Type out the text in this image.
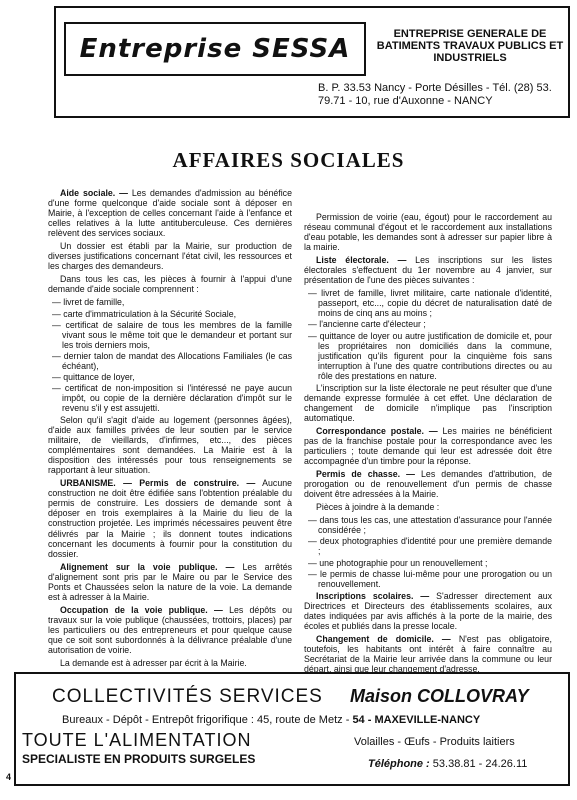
Entreprise SESSA	ENTREPRISE GENERALE DE BATIMENTS TRAVAUX PUBLICS ET INDUSTRIELS
B. P. 33.53 Nancy - Porte Désilles - Tél. (28) 53. 79.71 - 10, rue d'Auxonne - NANCY
AFFAIRES SOCIALES

Aide sociale. — Les demandes d'admission au bénéfice d'une forme quelconque d'aide sociale sont à déposer en Mairie, à l'exception de celles concernant l'aide à l'enfance et celles relatives à la lutte antituberculeuse. Ces dernières relèvent des services sociaux.

Un dossier est établi par la Mairie, sur production de diverses justifications concernant l'état civil, les ressources et les charges des demandeurs.

Dans tous les cas, les pièces à fournir à l'appui d'une demande d'aide sociale comprennent :

— livret de famille,
— carte d'immatriculation à la Sécurité Sociale,
— certificat de salaire de tous les membres de la famille vivant sous le même toit que le demandeur et portant sur les trois derniers mois,
— dernier talon de mandat des Allocations Familiales (le cas échéant),
— quittance de loyer,
— certificat de non-imposition si l'intéressé ne paye aucun impôt, ou copie de la dernière déclaration d'impôt sur le revenu s'il y est assujetti.

Selon qu'il s'agit d'aide au logement (personnes âgées), d'aide aux familles privées de leur soutien par le service militaire, de vieillards, d'infirmes, etc..., des pièces complémentaires sont demandées. La Mairie est à la disposition des intéressés pour tous renseignements se rapportant à leur situation.

URBANISME. — Permis de construire. — Aucune construction ne doit être édifiée sans l'obtention préalable du permis de construire. Les dossiers de demande sont à déposer en trois exemplaires à la Mairie du lieu de la construction projetée. Les imprimés nécessaires peuvent être délivrés par la Mairie ; ils donnent toutes indications concernant les documents à fournir pour la constitution du dossier.

Alignement sur la voie publique. — Les arrêtés d'alignement sont pris par le Maire ou par le Service des Ponts et Chaussées selon la nature de la voie. La demande est à adresser à la Mairie.

Occupation de la voie publique. — Les dépôts ou travaux sur la voie publique (chaussées, trottoirs, places) par les particuliers ou des entrepreneurs et pour quelque cause que ce soit sont subordonnés à la délivrance préalable d'une autorisation de voirie.

La demande est à adresser par écrit à la Mairie.

Permission de voirie (eau, égout) pour le raccordement au réseau communal d'égout et le raccordement aux installations d'eau potable, les demandes sont à adresser sur papier libre à la mairie.

Liste électorale. — Les inscriptions sur les listes électorales s'effectuent du 1er novembre au 4 janvier, sur présentation de l'une des pièces suivantes :

— livret de famille, livret militaire, carte nationale d'identité, passeport, etc..., copie du décret de naturalisation daté de moins de cinq ans au moins ;
— l'ancienne carte d'électeur ;
— quittance de loyer ou autre justification de domicile et, pour les propriétaires non domiciliés dans la commune, justification qu'ils figurent pour la cinquième fois sans interruption à l'une des quatre contributions directes ou au rôle des prestations en nature.

L'inscription sur la liste électorale ne peut résulter que d'une demande expresse formulée à cet effet. Une déclaration de changement de domicile n'implique pas l'inscription automatique.

Correspondance postale. — Les mairies ne bénéficient pas de la franchise postale pour la correspondance avec les particuliers ; toute demande qui leur est adressée doit être accompagnée d'un timbre pour la réponse.

Permis de chasse. — Les demandes d'attribution, de prorogation ou de renouvellement d'un permis de chasse doivent être adressées à la Mairie.

Pièces à joindre à la demande :

— dans tous les cas, une attestation d'assurance pour l'année considérée ;
— deux photographies d'identité pour une première demande ;
— une photographie pour un renouvellement ;
— le permis de chasse lui-même pour une prorogation ou un renouvellement.

Inscriptions scolaires. — S'adresser directement aux Directrices et Directeurs des établissements scolaires, aux dates indiquées par avis affichés à la porte de la mairie, des écoles et publiés dans la presse locale.

Changement de domicile. — N'est pas obligatoire, toutefois, les habitants ont intérêt à faire connaître au Secrétariat de la Mairie leur arrivée dans la commune ou leur départ, ainsi que leur changement d'adresse.

COLLECTIVITÉS SERVICES Maison COLLOVRAY
Bureaux - Dépôt - Entrepôt frigorifique : 45, route de Metz - 54 - MAXEVILLE-NANCY
TOUTE L'ALIMENTATION
SPECIALISTE EN PRODUITS SURGELES
Volailles - Œufs - Produits laitiers
Téléphone : 53.38.81 - 24.26.11
4
